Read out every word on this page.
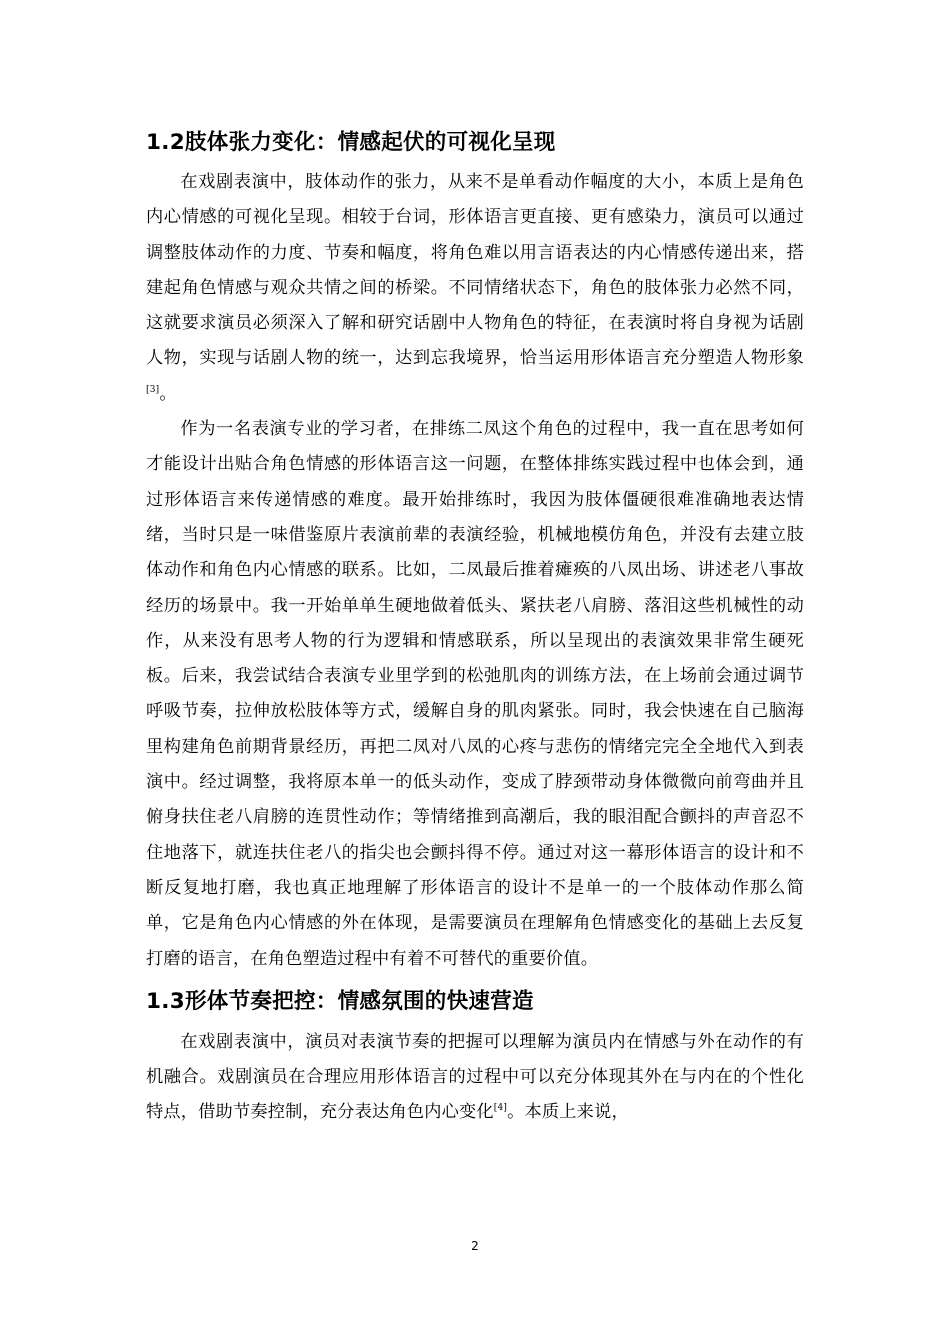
1.2肢体张力变化：情感起伏的可视化呈现

在戏剧表演中，肢体动作的张力，从来不是单看动作幅度的大小，本质上是角色内心情感的可视化呈现。相较于台词，形体语言更直接、更有感染力，演员可以通过调整肢体动作的力度、节奏和幅度，将角色难以用言语表达的内心情感传递出来，搭建起角色情感与观众共情之间的桥梁。不同情绪状态下，角色的肢体张力必然不同，这就要求演员必须深入了解和研究话剧中人物角色的特征，在表演时将自身视为话剧人物，实现与话剧人物的统一，达到忘我境界，恰当运用形体语言充分塑造人物形象[3]。

作为一名表演专业的学习者，在排练二凤这个角色的过程中，我一直在思考如何才能设计出贴合角色情感的形体语言这一问题，在整体排练实践过程中也体会到，通过形体语言来传递情感的难度。最开始排练时，我因为肢体僵硬很难准确地表达情绪，当时只是一味借鉴原片表演前辈的表演经验，机械地模仿角色，并没有去建立肢体动作和角色内心情感的联系。比如，二凤最后推着瘫痪的八凤出场、讲述老八事故经历的场景中。我一开始单单生硬地做着低头、紧扶老八肩膀、落泪这些机械性的动作，从来没有思考人物的行为逻辑和情感联系，所以呈现出的表演效果非常生硬死板。后来，我尝试结合表演专业里学到的松弛肌肉的训练方法，在上场前会通过调节呼吸节奏，拉伸放松肢体等方式，缓解自身的肌肉紧张。同时，我会快速在自己脑海里构建角色前期背景经历，再把二凤对八凤的心疼与悲伤的情绪完完全全地代入到表演中。经过调整，我将原本单一的低头动作，变成了脖颈带动身体微微向前弯曲并且俯身扶住老八肩膀的连贯性动作；等情绪推到高潮后，我的眼泪配合颤抖的声音忍不住地落下，就连扶住老八的指尖也会颤抖得不停。通过对这一幕形体语言的设计和不断反复地打磨，我也真正地理解了形体语言的设计不是单一的一个肢体动作那么简单，它是角色内心情感的外在体现，是需要演员在理解角色情感变化的基础上去反复打磨的语言，在角色塑造过程中有着不可替代的重要价值。

1.3形体节奏把控：情感氛围的快速营造

在戏剧表演中，演员对表演节奏的把握可以理解为演员内在情感与外在动作的有机融合。戏剧演员在合理应用形体语言的过程中可以充分体现其外在与内在的个性化特点，借助节奏控制，充分表达角色内心变化[4]。本质上来说，

2
